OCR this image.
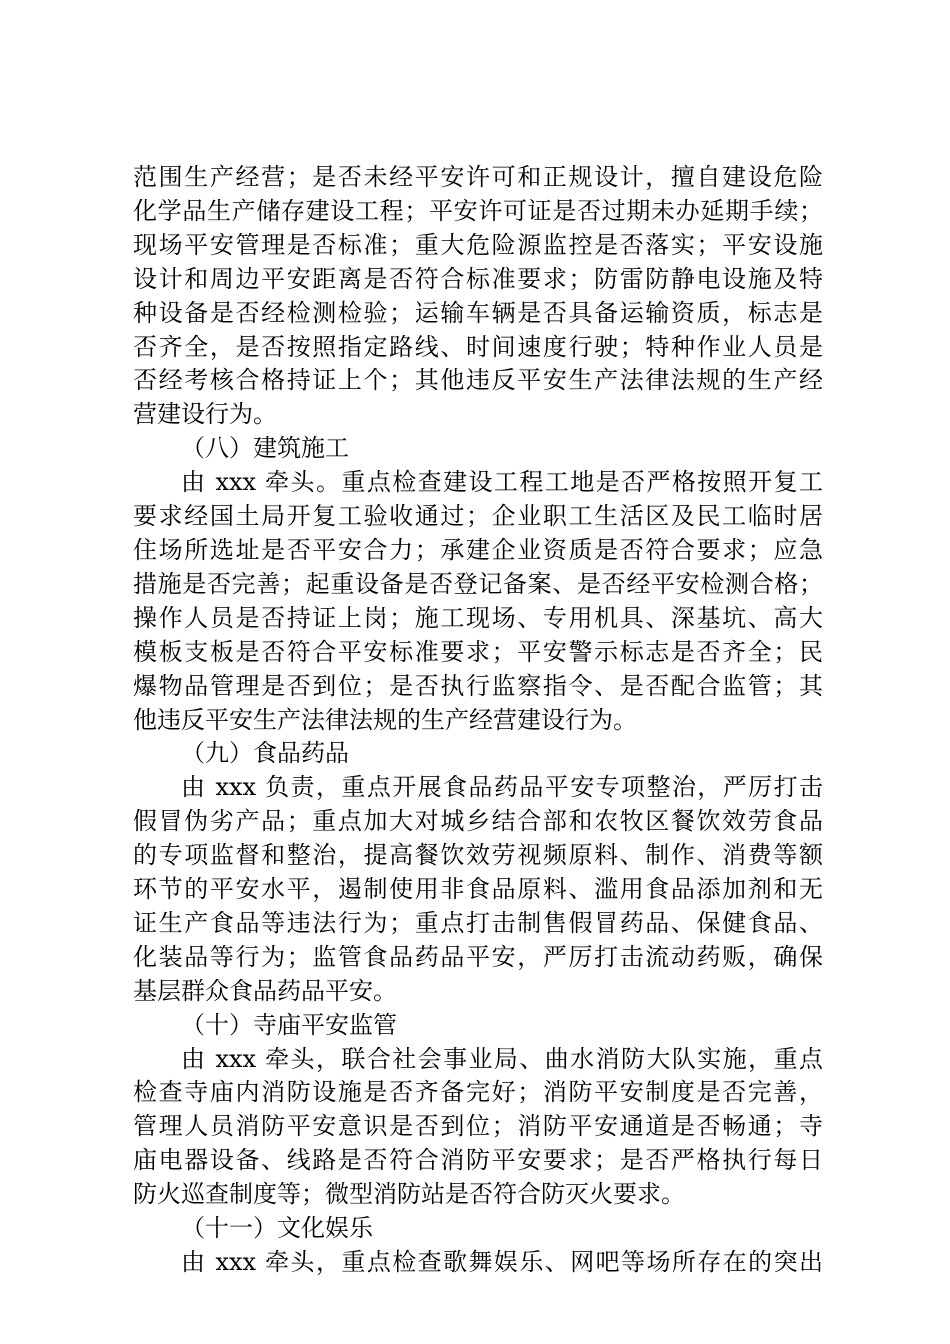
范围生产经营；是否未经平安许可和正规设计，擅自建设危险
化学品生产储存建设工程；平安许可证是否过期未办延期手续；
现场平安管理是否标准；重大危险源监控是否落实；平安设施
设计和周边平安距离是否符合标准要求；防雷防静电设施及特
种设备是否经检测检验；运输车辆是否具备运输资质，标志是
否齐全，是否按照指定路线、时间速度行驶；特种作业人员是
否经考核合格持证上个；其他违反平安生产法律法规的生产经
营建设行为。
（八）建筑施工
由 xxx 牵头。重点检查建设工程工地是否严格按照开复工
要求经国土局开复工验收通过；企业职工生活区及民工临时居
住场所选址是否平安合力；承建企业资质是否符合要求；应急
措施是否完善；起重设备是否登记备案、是否经平安检测合格；
操作人员是否持证上岗；施工现场、专用机具、深基坑、高大
模板支板是否符合平安标准要求；平安警示标志是否齐全；民
爆物品管理是否到位；是否执行监察指令、是否配合监管；其
他违反平安生产法律法规的生产经营建设行为。
（九）食品药品
由 xxx 负责，重点开展食品药品平安专项整治，严厉打击
假冒伪劣产品；重点加大对城乡结合部和农牧区餐饮效劳食品
的专项监督和整治，提高餐饮效劳视频原料、制作、消费等额
环节的平安水平，遏制使用非食品原料、滥用食品添加剂和无
证生产食品等违法行为；重点打击制售假冒药品、保健食品、
化装品等行为；监管食品药品平安，严厉打击流动药贩，确保
基层群众食品药品平安。
（十）寺庙平安监管
由 xxx 牵头，联合社会事业局、曲水消防大队实施，重点
检查寺庙内消防设施是否齐备完好；消防平安制度是否完善，
管理人员消防平安意识是否到位；消防平安通道是否畅通；寺
庙电器设备、线路是否符合消防平安要求；是否严格执行每日
防火巡查制度等；微型消防站是否符合防灭火要求。
（十一）文化娱乐
由 xxx 牵头，重点检查歌舞娱乐、网吧等场所存在的突出
